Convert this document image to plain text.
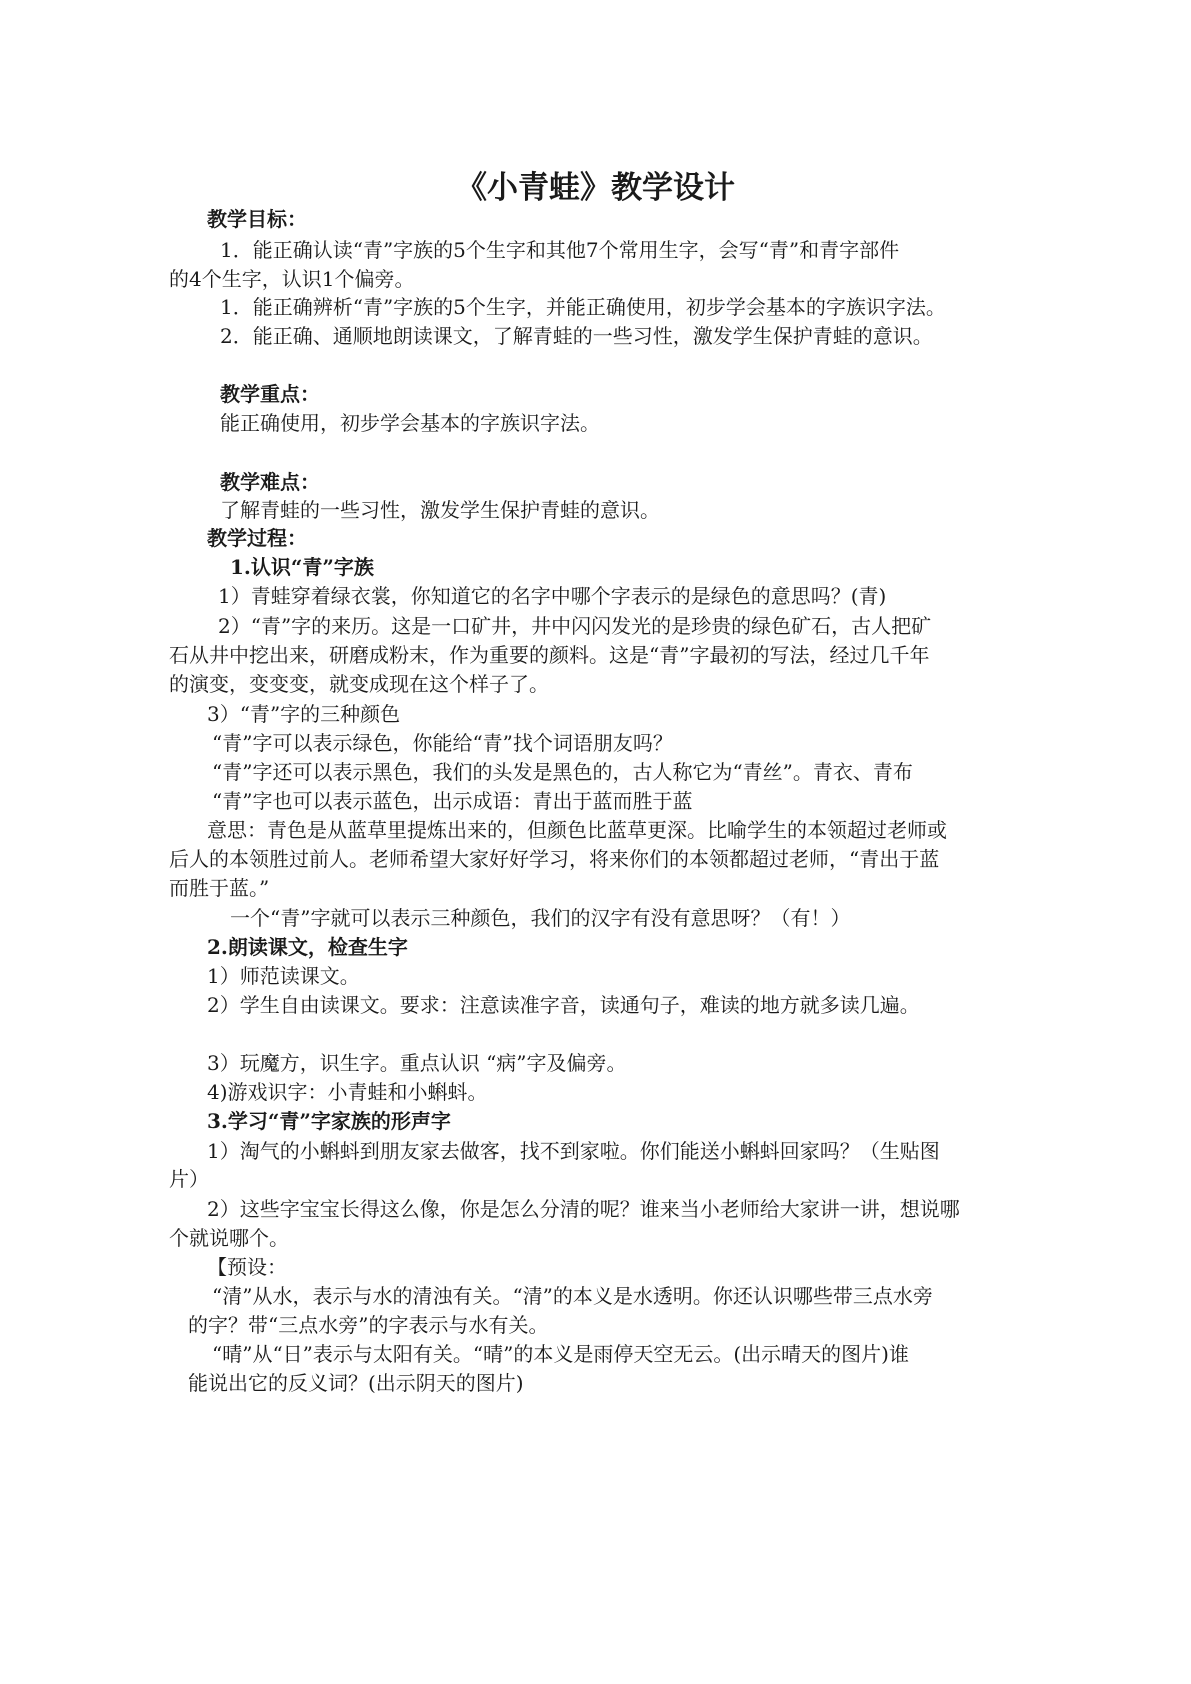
《小青蛙》教学设计
教学目标：
1．能正确认读“青”字族的5个生字和其他7个常用生字，会写“青”和青字部件
的4个生字，认识1个偏旁。
1．能正确辨析“青”字族的5个生字，并能正确使用，初步学会基本的字族识字法。
2．能正确、通顺地朗读课文，了解青蛙的一些习性，激发学生保护青蛙的意识。
教学重点：
能正确使用，初步学会基本的字族识字法。
教学难点：
了解青蛙的一些习性，激发学生保护青蛙的意识。
教学过程：
1.认识“青”字族
1）青蛙穿着绿衣裳，你知道它的名字中哪个字表示的是绿色的意思吗？(青)
2）“青”字的来历。这是一口矿井，井中闪闪发光的是珍贵的绿色矿石，古人把矿
石从井中挖出来，研磨成粉末，作为重要的颜料。这是“青”字最初的写法，经过几千年
的演变，变变变，就变成现在这个样子了。
3）“青”字的三种颜色
“青”字可以表示绿色，你能给“青”找个词语朋友吗？
“青”字还可以表示黑色，我们的头发是黑色的，古人称它为“青丝”。青衣、青布
“青”字也可以表示蓝色，出示成语：青出于蓝而胜于蓝
意思：青色是从蓝草里提炼出来的，但颜色比蓝草更深。比喻学生的本领超过老师或
后人的本领胜过前人。老师希望大家好好学习，将来你们的本领都超过老师，“青出于蓝
而胜于蓝。”
一个“青”字就可以表示三种颜色，我们的汉字有没有意思呀？（有！）
2.朗读课文，检查生字
1）师范读课文。
2）学生自由读课文。要求：注意读准字音，读通句子，难读的地方就多读几遍。
3）玩魔方，识生字。重点认识 “病”字及偏旁。
4)游戏识字：小青蛙和小蝌蚪。
3.学习“青”字家族的形声字
1）淘气的小蝌蚪到朋友家去做客，找不到家啦。你们能送小蝌蚪回家吗？（生贴图
片）
2）这些字宝宝长得这么像，你是怎么分清的呢？谁来当小老师给大家讲一讲，想说哪
个就说哪个。
【预设：
“清”从水，表示与水的清浊有关。“清”的本义是水透明。你还认识哪些带三点水旁
的字？带“三点水旁”的字表示与水有关。
“晴”从“日”表示与太阳有关。“晴”的本义是雨停天空无云。(出示晴天的图片)谁
能说出它的反义词？(出示阴天的图片)
